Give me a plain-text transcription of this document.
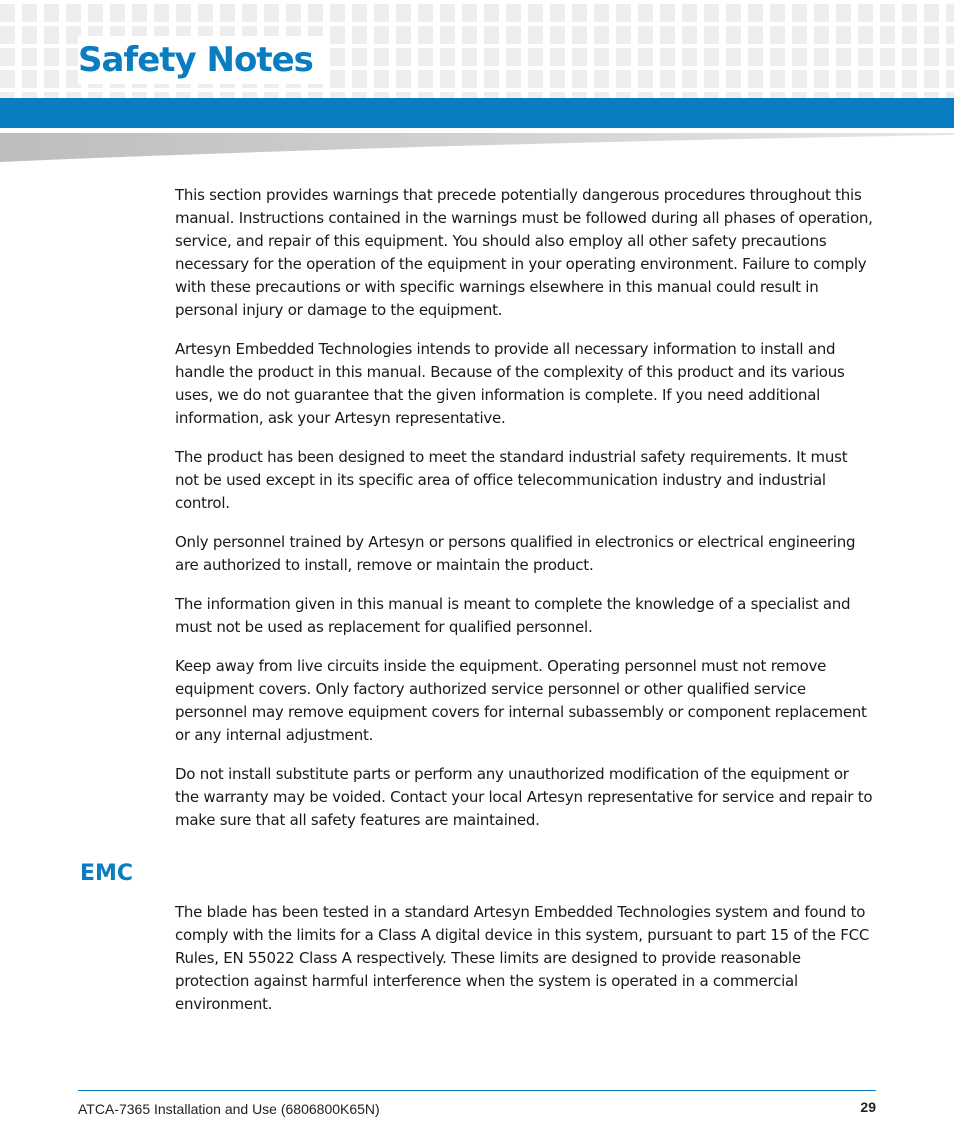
Safety Notes

This section provides warnings that precede potentially dangerous procedures throughout this manual. Instructions contained in the warnings must be followed during all phases of operation, service, and repair of this equipment. You should also employ all other safety precautions necessary for the operation of the equipment in your operating environment. Failure to comply with these precautions or with specific warnings elsewhere in this manual could result in personal injury or damage to the equipment.

Artesyn Embedded Technologies intends to provide all necessary information to install and handle the product in this manual. Because of the complexity of this product and its various uses, we do not guarantee that the given information is complete. If you need additional information, ask your Artesyn representative.

The product has been designed to meet the standard industrial safety requirements. It must not be used except in its specific area of office telecommunication industry and industrial control.

Only personnel trained by Artesyn or persons qualified in electronics or electrical engineering are authorized to install, remove or maintain the product.

The information given in this manual is meant to complete the knowledge of a specialist and must not be used as replacement for qualified personnel.

Keep away from live circuits inside the equipment. Operating personnel must not remove equipment covers. Only factory authorized service personnel or other qualified service personnel may remove equipment covers for internal subassembly or component replacement or any internal adjustment.

Do not install substitute parts or perform any unauthorized modification of the equipment or the warranty may be voided. Contact your local Artesyn representative for service and repair to make sure that all safety features are maintained.

EMC

The blade has been tested in a standard Artesyn Embedded Technologies system and found to comply with the limits for a Class A digital device in this system, pursuant to part 15 of the FCC Rules, EN 55022 Class A respectively. These limits are designed to provide reasonable protection against harmful interference when the system is operated in a commercial environment.

ATCA-7365 Installation and Use (6806800K65N)	29
